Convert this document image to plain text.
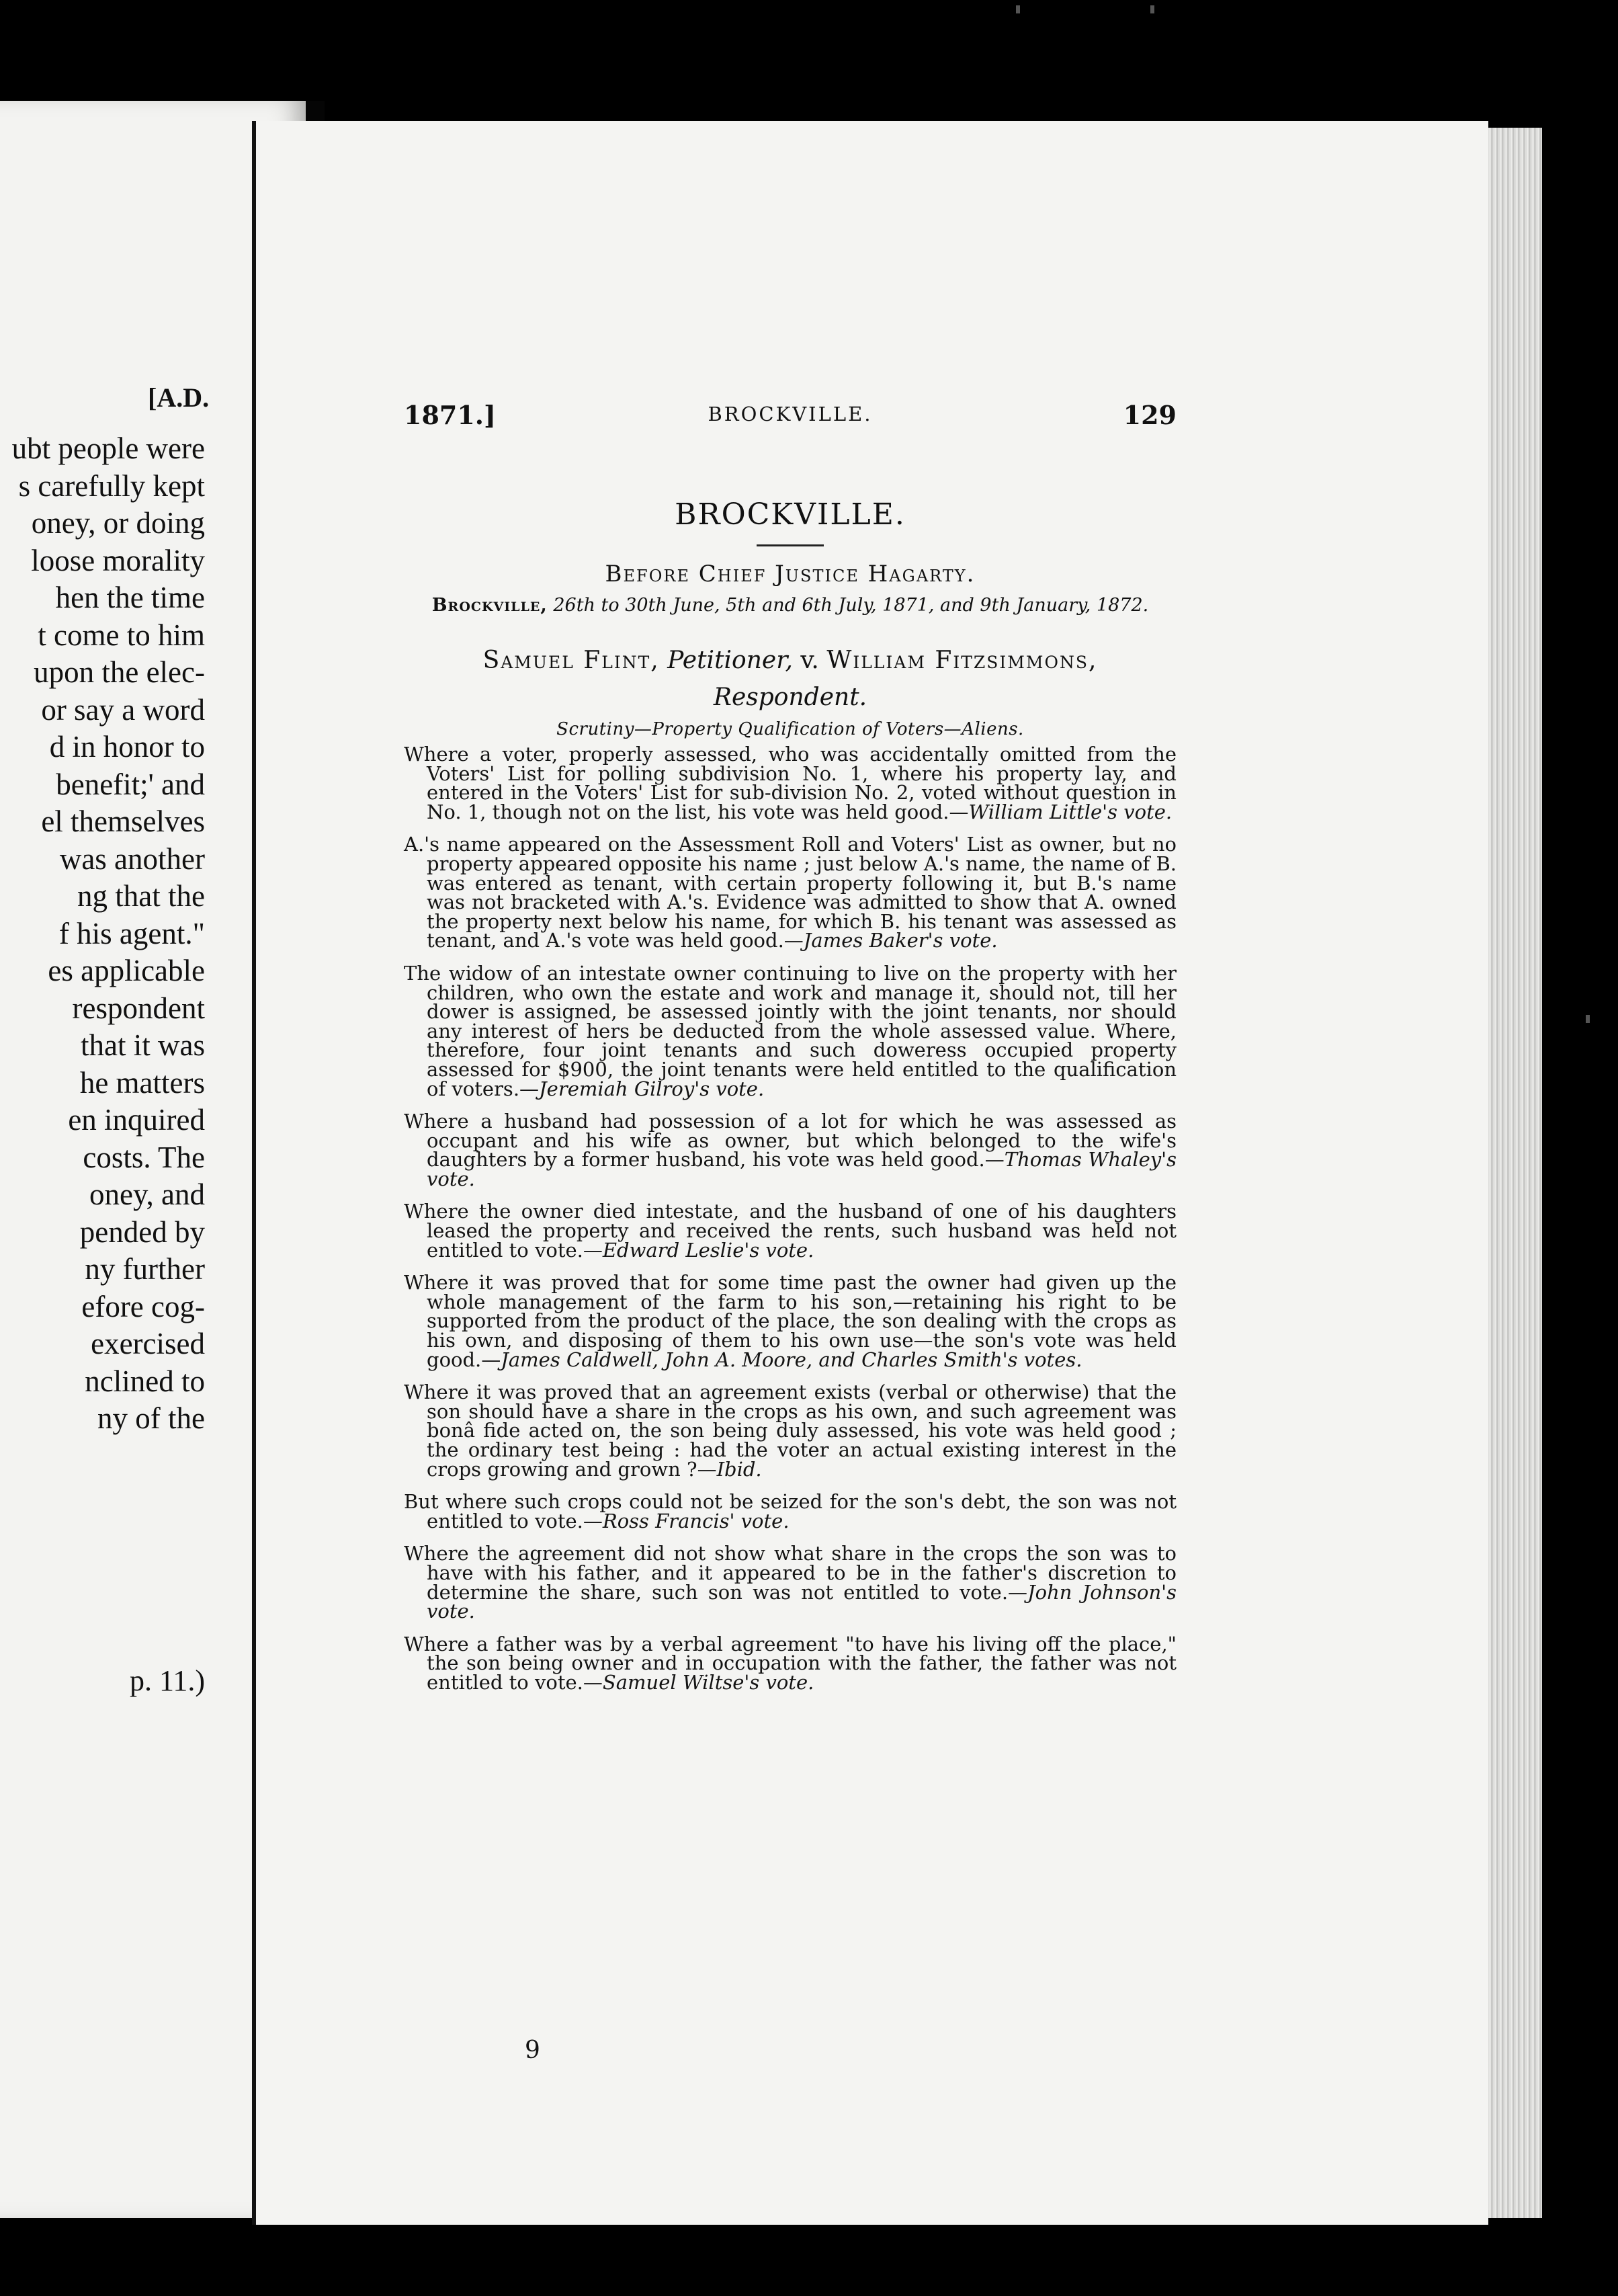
[A.D.
ubt people were
s carefully kept
oney, or doing
loose morality
hen the time
t come to him
upon the elec-
or say a word
d in honor to
benefit;' and
el themselves
was another
ng that the
f his agent."
es applicable
respondent
that it was
he matters
en inquired
costs. The
oney, and
pended by
ny further
efore cog-
exercised
nclined to
ny of the
p. 11.)
1871.]	BROCKVILLE.	129
BROCKVILLE.
Before Chief Justice Hagarty.
Brockville, 26th to 30th June, 5th and 6th July, 1871, and 9th January, 1872.
Samuel Flint, Petitioner, v. William Fitzsimmons,
Respondent.
Scrutiny—Property Qualification of Voters—Aliens.

Where a voter, properly assessed, who was accidentally omitted from the Voters' List for polling subdivision No. 1, where his property lay, and entered in the Voters' List for sub-division No. 2, voted without question in No. 1, though not on the list, his vote was held good.—William Little's vote.

A.'s name appeared on the Assessment Roll and Voters' List as owner, but no property appeared opposite his name ; just below A.'s name, the name of B. was entered as tenant, with certain property following it, but B.'s name was not bracketed with A.'s. Evidence was admitted to show that A. owned the property next below his name, for which B. his tenant was assessed as tenant, and A.'s vote was held good.—James Baker's vote.

The widow of an intestate owner continuing to live on the property with her children, who own the estate and work and manage it, should not, till her dower is assigned, be assessed jointly with the joint tenants, nor should any interest of hers be deducted from the whole assessed value. Where, therefore, four joint tenants and such doweress occupied property assessed for $900, the joint tenants were held entitled to the qualification of voters.—Jeremiah Gilroy's vote.

Where a husband had possession of a lot for which he was assessed as occupant and his wife as owner, but which belonged to the wife's daughters by a former husband, his vote was held good.—Thomas Whaley's vote.

Where the owner died intestate, and the husband of one of his daughters leased the property and received the rents, such husband was held not entitled to vote.—Edward Leslie's vote.

Where it was proved that for some time past the owner had given up the whole management of the farm to his son,—retaining his right to be supported from the product of the place, the son dealing with the crops as his own, and disposing of them to his own use—the son's vote was held good.—James Caldwell, John A. Moore, and Charles Smith's votes.

Where it was proved that an agreement exists (verbal or otherwise) that the son should have a share in the crops as his own, and such agreement was bonâ fide acted on, the son being duly assessed, his vote was held good ; the ordinary test being : had the voter an actual existing interest in the crops growing and grown ?—Ibid.

But where such crops could not be seized for the son's debt, the son was not entitled to vote.—Ross Francis' vote.

Where the agreement did not show what share in the crops the son was to have with his father, and it appeared to be in the father's discretion to determine the share, such son was not entitled to vote.—John Johnson's vote.

Where a father was by a verbal agreement "to have his living off the place," the son being owner and in occupation with the father, the father was not entitled to vote.—Samuel Wiltse's vote.

9
